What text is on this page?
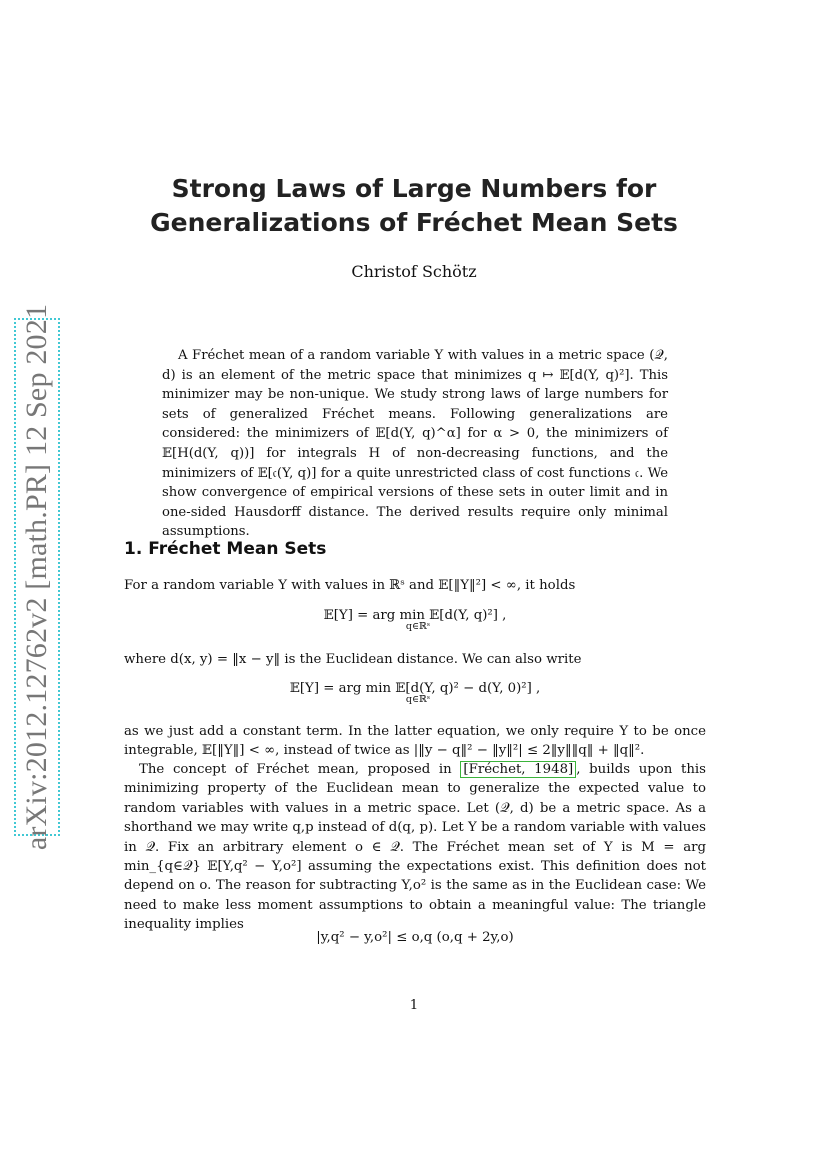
arXiv:2012.12762v2 [math.PR] 12 Sep 2021
Strong Laws of Large Numbers for
Generalizations of Fréchet Mean Sets
Christof Schötz

A Fréchet mean of a random variable Y with values in a metric space (𝒬, d) is an element of the metric space that minimizes q ↦ 𝔼[d(Y, q)²]. This minimizer may be non-unique. We study strong laws of large numbers for sets of generalized Fréchet means. Following generalizations are considered: the minimizers of 𝔼[d(Y, q)^α] for α > 0, the minimizers of 𝔼[H(d(Y, q))] for integrals H of non-decreasing functions, and the minimizers of 𝔼[𝔠(Y, q)] for a quite unrestricted class of cost functions 𝔠. We show convergence of empirical versions of these sets in outer limit and in one-sided Hausdorff distance. The derived results require only minimal assumptions.

1. Fréchet Mean Sets

For a random variable Y with values in ℝˢ and 𝔼[‖Y‖²] < ∞, it holds

𝔼[Y] = arg min 𝔼[d(Y, q)²] ,
q∈ℝˢ

where d(x, y) = ‖x − y‖ is the Euclidean distance. We can also write

𝔼[Y] = arg min 𝔼[d(Y, q)² − d(Y, 0)²] ,
q∈ℝˢ

as we just add a constant term. In the latter equation, we only require Y to be once integrable, 𝔼[‖Y‖] < ∞, instead of twice as |‖y − q‖² − ‖y‖²| ≤ 2‖y‖‖q‖ + ‖q‖².

The concept of Fréchet mean, proposed in [Fréchet, 1948] , builds upon this minimizing property of the Euclidean mean to generalize the expected value to random variables with values in a metric space. Let (𝒬, d) be a metric space. As a shorthand we may write q,p instead of d(q, p). Let Y be a random variable with values in 𝒬. Fix an arbitrary element o ∈ 𝒬. The Fréchet mean set of Y is M = arg min_{q∈𝒬} 𝔼[Y,q² − Y,o²] assuming the expectations exist. This definition does not depend on o. The reason for subtracting Y,o² is the same as in the Euclidean case: We need to make less moment assumptions to obtain a meaningful value: The triangle inequality implies

|y,q² − y,o²| ≤ o,q (o,q + 2y,o)
1
